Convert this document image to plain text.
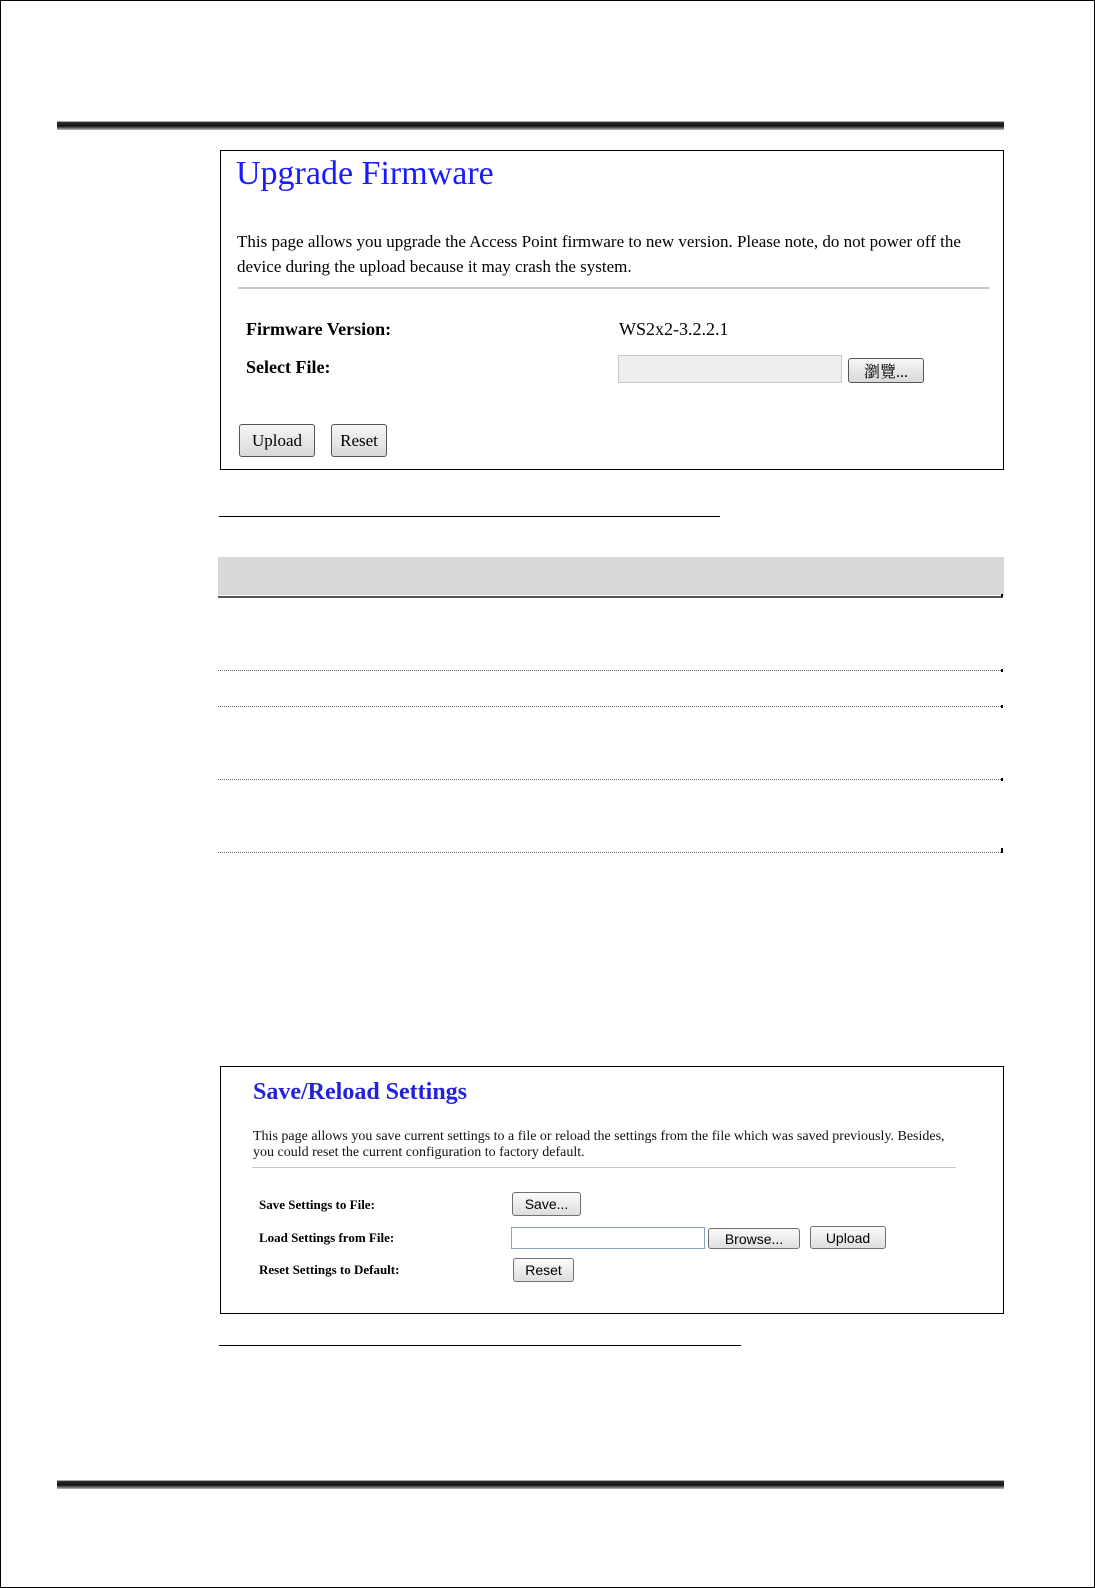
Upgrade Firmware
This page allows you upgrade the Access Point firmware to new version. Please note, do not power off the device during the upload because it may crash the system.
Firmware Version:	WS2x2-3.2.2.1
Select File:	瀏覽...
Upload	Reset
Save/Reload Settings
This page allows you save current settings to a file or reload the settings from the file which was saved previously. Besides, you could reset the current configuration to factory default.
Save Settings to File:	Save...
Load Settings from File:	Browse...	Upload
Reset Settings to Default:	Reset
